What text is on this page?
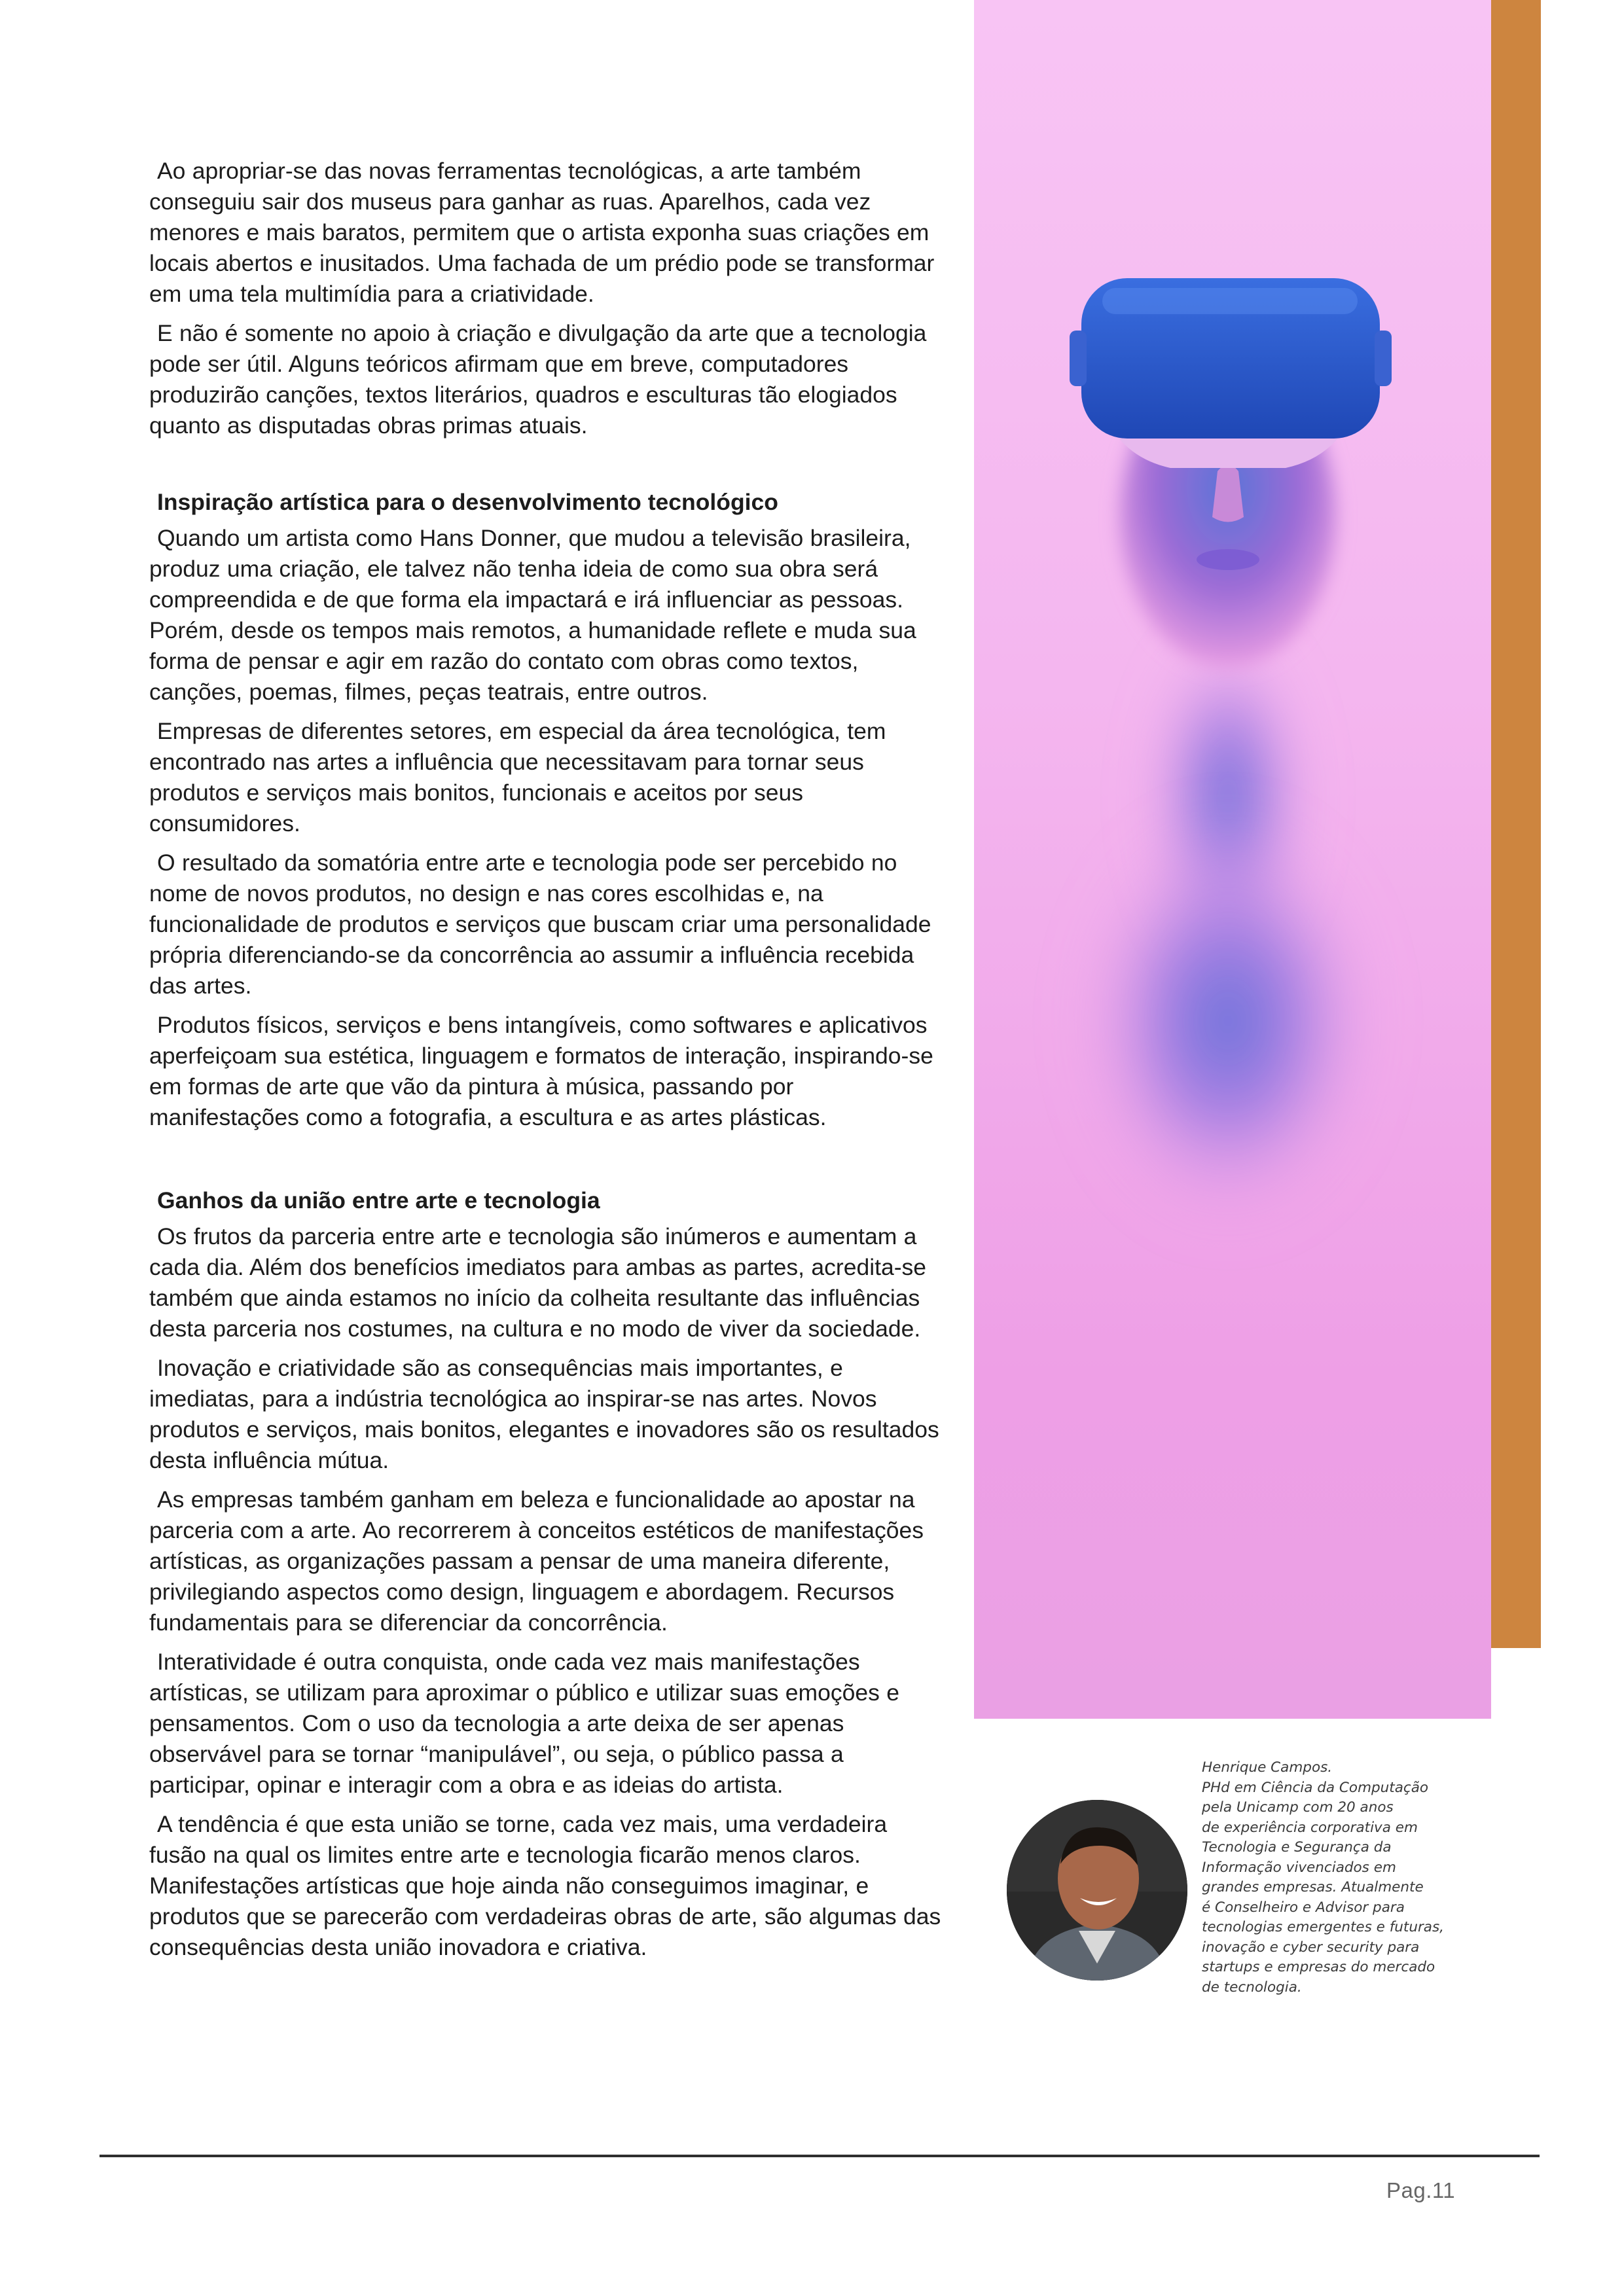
Ao apropriar-se das novas ferramentas tecnológicas, a arte também conseguiu sair dos museus para ganhar as ruas. Aparelhos, cada vez menores e mais baratos, permitem que o artista exponha suas criações em locais abertos e inusitados. Uma fachada de um prédio pode se transformar em uma tela multimídia para a criatividade.

E não é somente no apoio à criação e divulgação da arte que a tecnologia pode ser útil. Alguns teóricos afirmam que em breve, computadores produzirão canções, textos literários, quadros e esculturas tão elogiados quanto as disputadas obras primas atuais.

Inspiração artística para o desenvolvimento tecnológico

Quando um artista como Hans Donner, que mudou a televisão brasileira, produz uma criação, ele talvez não tenha ideia de como sua obra será compreendida e de que forma ela impactará e irá influenciar as pessoas. Porém, desde os tempos mais remotos, a humanidade reflete e muda sua forma de pensar e agir em razão do contato com obras como textos, canções, poemas, filmes, peças teatrais, entre outros.

Empresas de diferentes setores, em especial da área tecnológica, tem encontrado nas artes a influência que necessitavam para tornar seus produtos e serviços mais bonitos, funcionais e aceitos por seus consumidores.

O resultado da somatória entre arte e tecnologia pode ser percebido no nome de novos produtos, no design e nas cores escolhidas e, na funcionalidade de produtos e serviços que buscam criar uma personalidade própria diferenciando-se da concorrência ao assumir a influência recebida das artes.

Produtos físicos, serviços e bens intangíveis, como softwares e aplicativos aperfeiçoam sua estética, linguagem e formatos de interação, inspirando-se em formas de arte que vão da pintura à música, passando por manifestações como a fotografia, a escultura e as artes plásticas.

Ganhos da união entre arte e tecnologia

Os frutos da parceria entre arte e tecnologia são inúmeros e aumentam a cada dia. Além dos benefícios imediatos para ambas as partes, acredita-se também que ainda estamos no início da colheita resultante das influências desta parceria nos costumes, na cultura e no modo de viver da sociedade.

Inovação e criatividade são as consequências mais importantes, e imediatas, para a indústria tecnológica ao inspirar-se nas artes. Novos produtos e serviços, mais bonitos, elegantes e inovadores são os resultados desta influência mútua.

As empresas também ganham em beleza e funcionalidade ao apostar na parceria com a arte. Ao recorrerem à conceitos estéticos de manifestações artísticas, as organizações passam a pensar de uma maneira diferente, privilegiando aspectos como design, linguagem e abordagem. Recursos fundamentais para se diferenciar da concorrência.

Interatividade é outra conquista, onde cada vez mais manifestações artísticas, se utilizam para aproximar o público e utilizar suas emoções e pensamentos. Com o uso da tecnologia a arte deixa de ser apenas observável para se tornar “manipulável”, ou seja, o público passa a participar, opinar e interagir com a obra e as ideias do artista.

A tendência é que esta união se torne, cada vez mais, uma verdadeira fusão na qual os limites entre arte e tecnologia ficarão menos claros. Manifestações artísticas que hoje ainda não conseguimos imaginar, e produtos que se parecerão com verdadeiras obras de arte, são algumas das consequências desta união inovadora e criativa.

Henrique Campos.
PHd em Ciência da Computação
pela Unicamp com 20 anos
de experiência corporativa em
Tecnologia e Segurança da
Informação vivenciados em
grandes empresas. Atualmente
é Conselheiro e Advisor para
tecnologias emergentes e futuras,
inovação e cyber security para
startups e empresas do mercado
de tecnologia.
Pag.11
